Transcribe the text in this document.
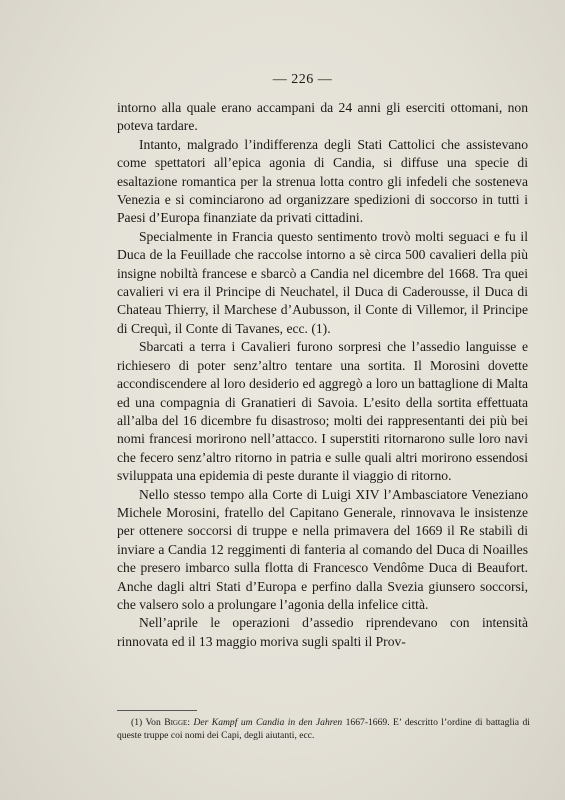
— 226 —

intorno alla quale erano accampani da 24 anni gli eserciti ottomani, non poteva tardare.

Intanto, malgrado l’indifferenza degli Stati Cattolici che assistevano come spettatori all’epica agonia di Candia, si diffuse una specie di esaltazione romantica per la strenua lotta contro gli infedeli che sosteneva Venezia e si cominciarono ad organizzare spedizioni di soccorso in tutti i Paesi d’Europa finanziate da privati cittadini.

Specialmente in Francia questo sentimento trovò molti seguaci e fu il Duca de la Feuillade che raccolse intorno a sè circa 500 cavalieri della più insigne nobiltà francese e sbarcò a Candia nel dicembre del 1668. Tra quei cavalieri vi era il Principe di Neuchatel, il Duca di Caderousse, il Duca di Chateau Thierry, il Marchese d’Aubusson, il Conte di Villemor, il Principe di Crequì, il Conte di Tavanes, ecc. (1).

Sbarcati a terra i Cavalieri furono sorpresi che l’assedio languisse e richiesero di poter senz’altro tentare una sortita. Il Morosini dovette accondiscendere al loro desiderio ed aggregò a loro un battaglione di Malta ed una compagnia di Granatieri di Savoia. L’esito della sortita effettuata all’alba del 16 dicembre fu disastroso; molti dei rappresentanti dei più bei nomi francesi morirono nell’attacco. I superstiti ritornarono sulle loro navi che fecero senz’altro ritorno in patria e sulle quali altri morirono essendosi sviluppata una epidemia di peste durante il viaggio di ritorno.

Nello stesso tempo alla Corte di Luigi XIV l’Ambasciatore Veneziano Michele Morosini, fratello del Capitano Generale, rinnovava le insistenze per ottenere soccorsi di truppe e nella primavera del 1669 il Re stabilì di inviare a Candia 12 reggimenti di fanteria al comando del Duca di Noailles che presero imbarco sulla flotta di Francesco Vendôme Duca di Beaufort. Anche dagli altri Stati d’Europa e perfino dalla Svezia giunsero soccorsi, che valsero solo a prolungare l’agonia della infelice città.

Nell’aprile le operazioni d’assedio riprendevano con intensità rinnovata ed il 13 maggio moriva sugli spalti il Prov-

(1) Von Bigge: Der Kampf um Candia in den Jahren 1667-1669. E’ descritto l’ordine di battaglia di queste truppe coi nomi dei Capi, degli aiutanti, ecc.
